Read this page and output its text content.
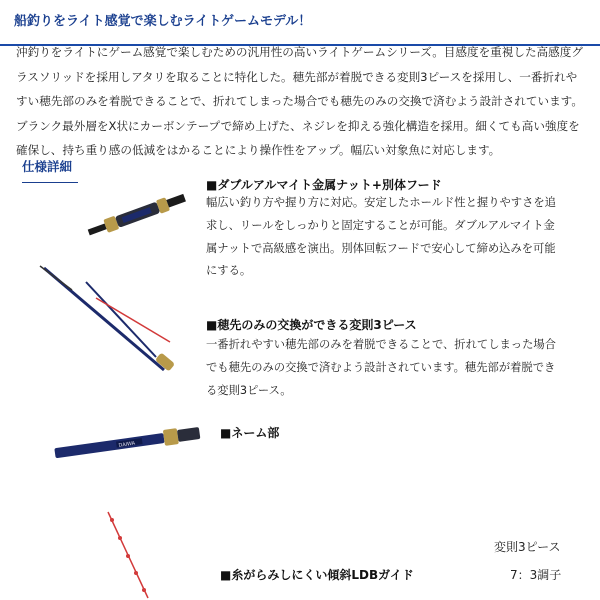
船釣りをライト感覚で楽しむライトゲームモデル！
沖釣りをライトにゲーム感覚で楽しむための汎用性の高いライトゲームシリーズ。目感度を重視した高感度グラスソリッドを採用しアタリを取ることに特化した。穂先部が着脱できる変則3ピースを採用し、一番折れやすい穂先部のみを着脱できることで、折れてしまった場合でも穂先のみの交換で済むよう設計されています。ブランク最外層をX状にカーボンテープで締め上げた、ネジレを抑える強化構造を採用。細くても高い強度を確保し、持ち重り感の低減をはかることにより操作性をアップ。幅広い対象魚に対応します。
仕様詳細
■ダブルアルマイト金属ナット+別体フード
幅広い釣り方や握り方に対応。安定したホールド性と握りやすさを追求し、リールをしっかりと固定することが可能。ダブルアルマイト金属ナットで高級感を演出。別体回転フードで安心して締め込みを可能にする。
■穂先のみの交換ができる変則3ピース
一番折れやすい穂先部のみを着脱できることで、折れてしまった場合でも穂先のみの交換で済むよう設計されています。穂先部が着脱できる変則3ピース。
DAIWA
■ネーム部
■糸がらみしにくい傾斜LDBガイド
変則3ピース
7：3調子
